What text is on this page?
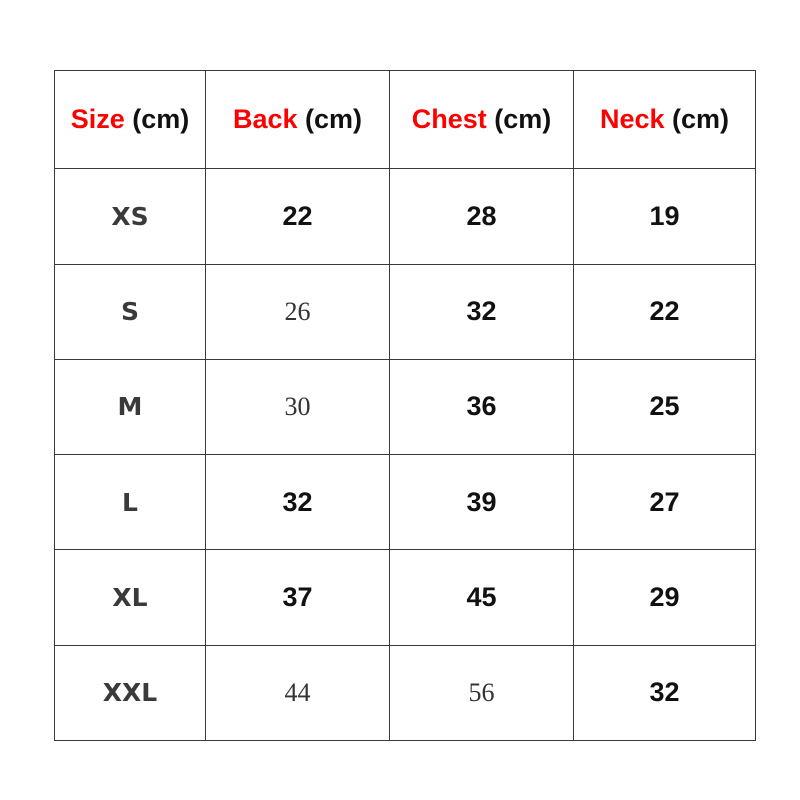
Size (cm)	Back (cm)	Chest (cm)	Neck (cm)
XS	22	28	19
S	26	32	22
M	30	36	25
L	32	39	27
XL	37	45	29
XXL	44	56	32
